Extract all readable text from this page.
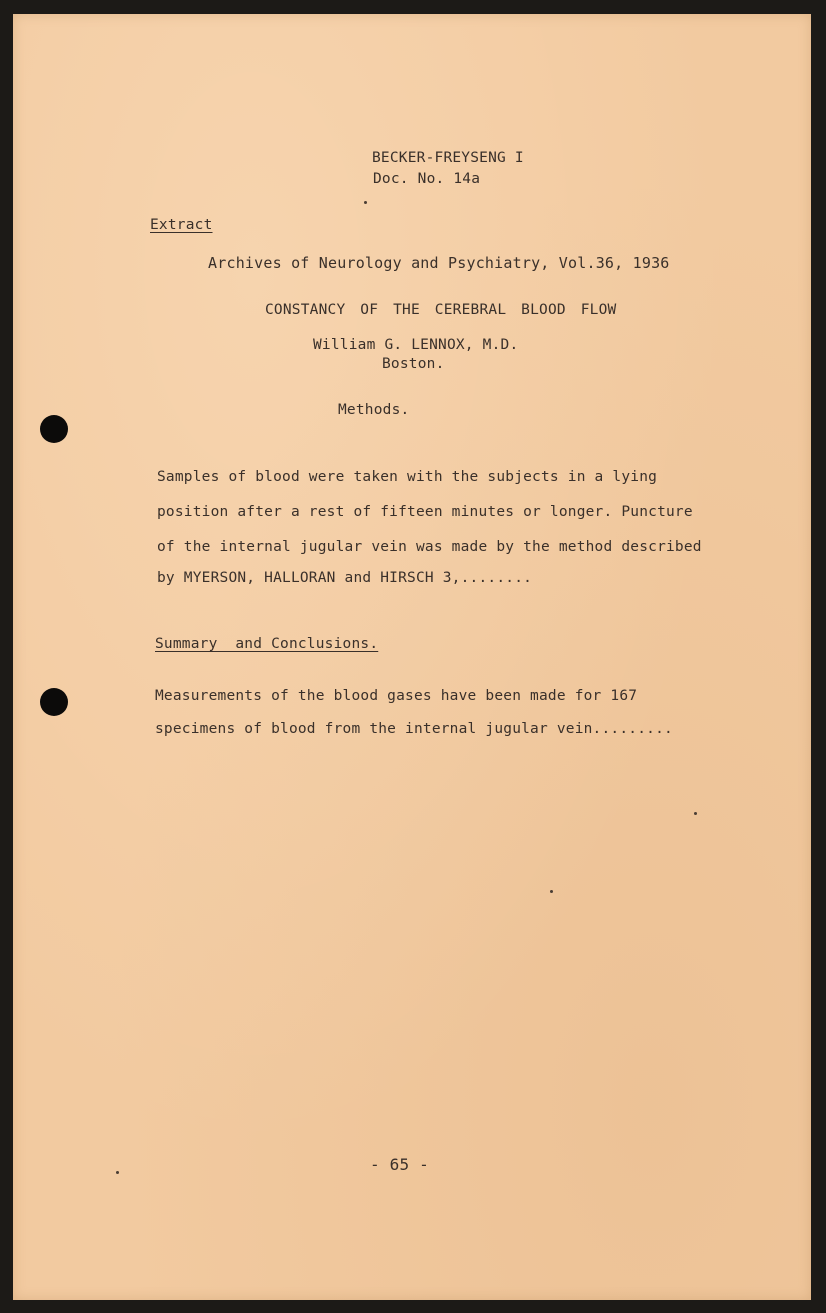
BECKER-FREYSENG I
Doc. No. 14a
Extract
Archives of Neurology and Psychiatry, Vol.36, 1936
CONSTANCY OF THE CEREBRAL BLOOD FLOW
William G. LENNOX, M.D.
Boston.
Methods.
Samples of blood were taken with the subjects in a lying
position after a rest of fifteen minutes or longer. Puncture
of the internal jugular vein was made by the method described
by MYERSON, HALLORAN and HIRSCH 3,........
Summary  and Conclusions.
Measurements of the blood gases have been made for 167
specimens of blood from the internal jugular vein.........
- 65 -
